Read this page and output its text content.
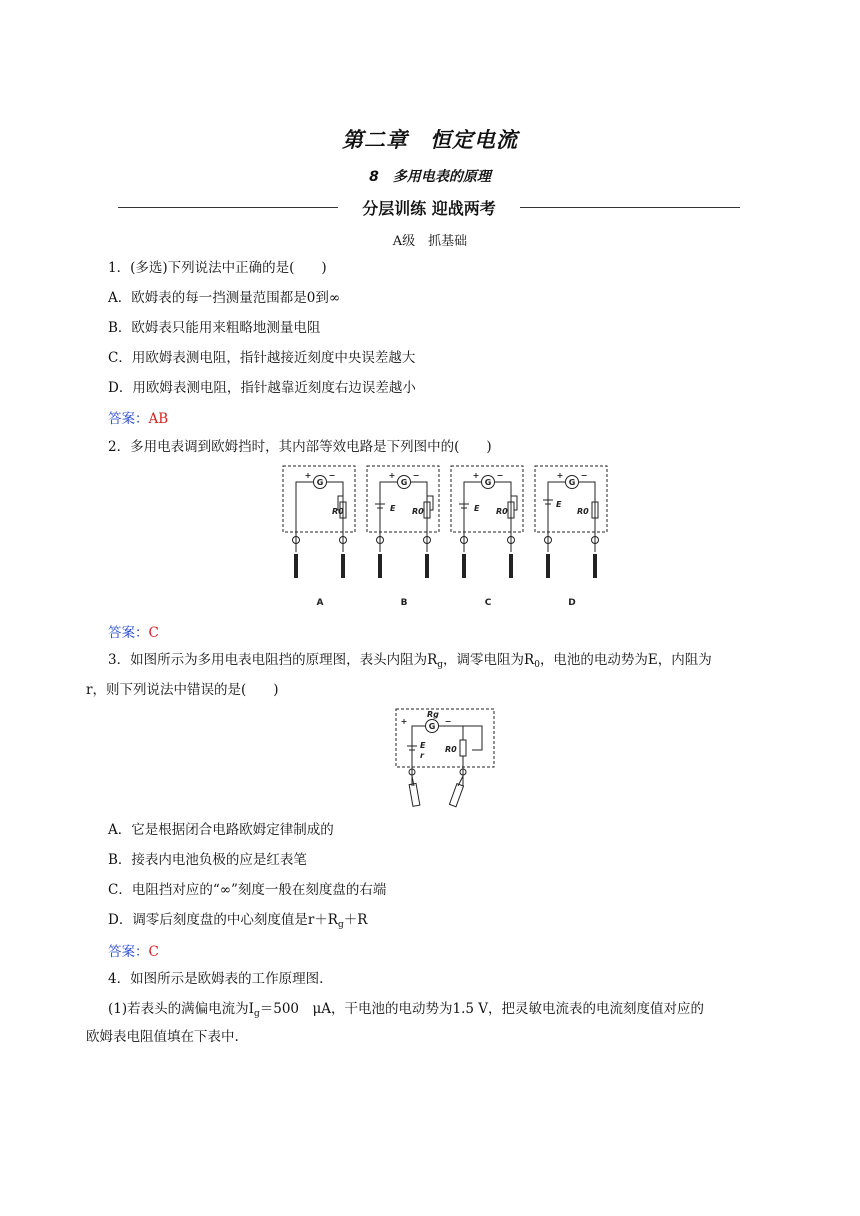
第二章　恒定电流
8　多用电表的原理
分层训练 迎战两考
A级　抓基础
1．(多选)下列说法中正确的是(　　)
A．欧姆表的每一挡测量范围都是0到∞
B．欧姆表只能用来粗略地测量电阻
C．用欧姆表测电阻，指针越接近刻度中央误差越大
D．用欧姆表测电阻，指针越靠近刻度右边误差越小
答案：AB
2．多用电表调到欧姆挡时，其内部等效电路是下列图中的(　　)
G	G	G	G
+ −	+ −	+ −	+ −
R0	E R0	E R0
E
R0
A	B	C	D
答案：C
3．如图所示为多用电表电阻挡的原理图，表头内阻为$R_g$，调零电阻为$R_0$，电池的电动势为E，内阻为
r，则下列说法中错误的是(　　)
G
+	−
Rg
E
r
R0
A．它是根据闭合电路欧姆定律制成的
B．接表内电池负极的应是红表笔
C．电阻挡对应的“∞”刻度一般在刻度盘的右端
D．调零后刻度盘的中心刻度值是$r+R_g+R$
答案：C
4．如图所示是欧姆表的工作原理图.
(1)若表头的满偏电流为$I_g=500$　μA，干电池的电动势为1.5 V，把灵敏电流表的电流刻度值对应的
欧姆表电阻值填在下表中.
